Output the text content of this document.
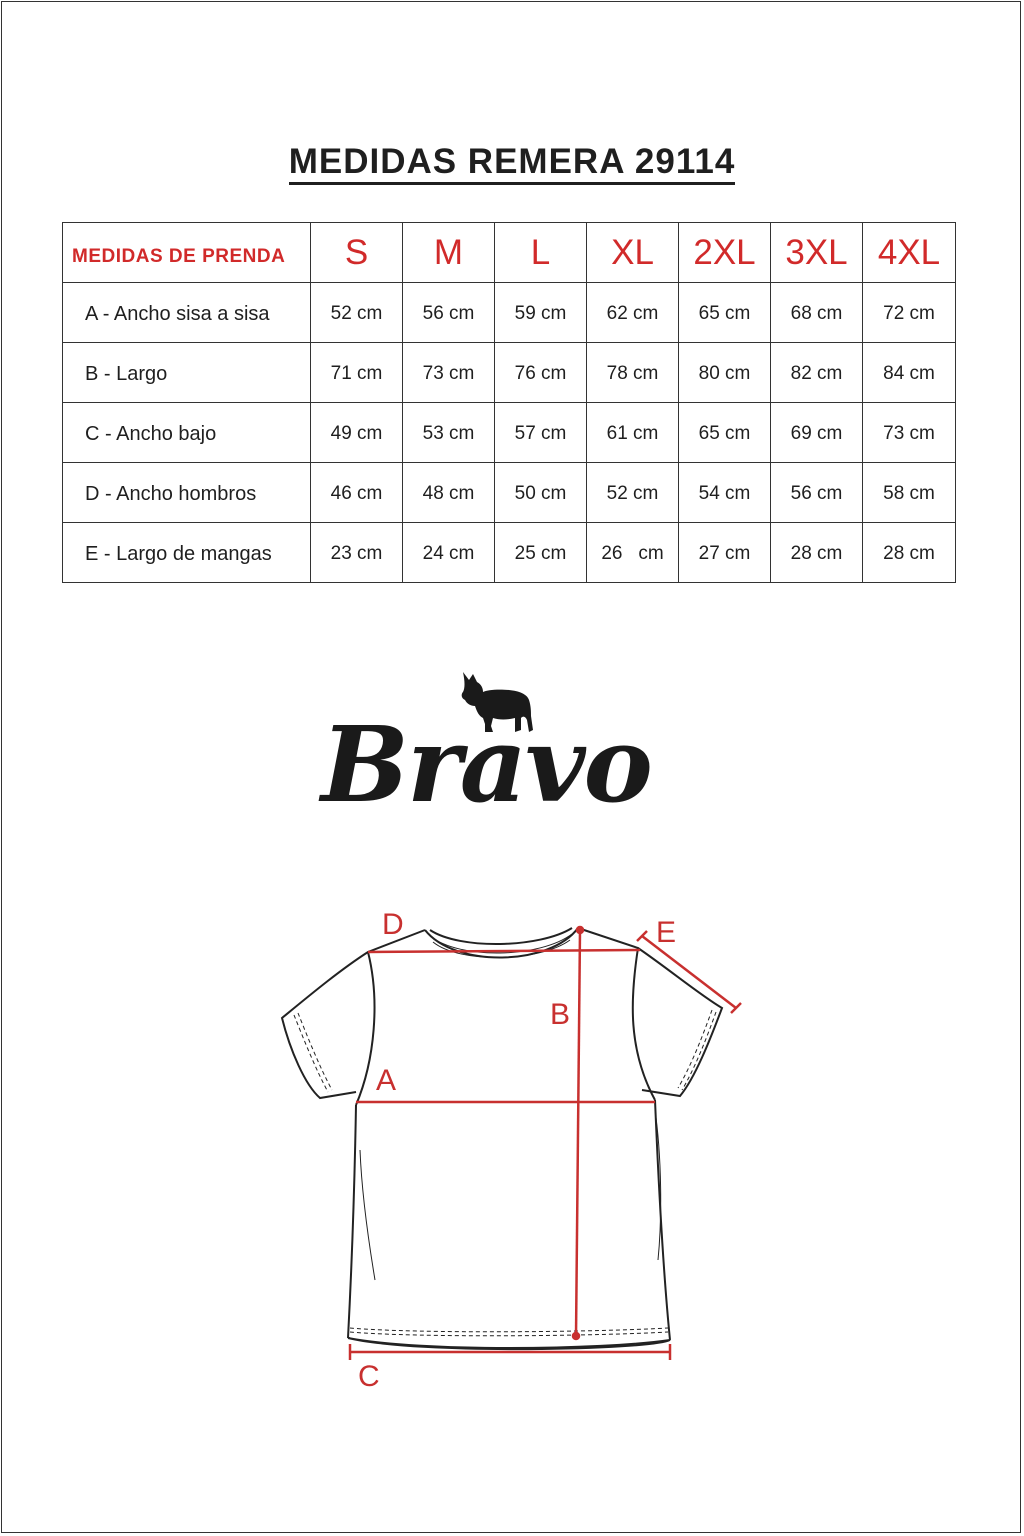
MEDIDAS REMERA 29114
MEDIDAS DE PRENDA	S	M	L	XL	2XL	3XL	4XL
A - Ancho sisa a sisa	52 cm	56 cm	59 cm	62 cm	65 cm	68 cm	72 cm
B - Largo	71 cm	73 cm	76 cm	78 cm	80 cm	82 cm	84 cm
C - Ancho bajo	49 cm	53 cm	57 cm	61 cm	65 cm	69 cm	73 cm
D - Ancho hombros	46 cm	48 cm	50 cm	52 cm	54 cm	56 cm	58 cm
E - Largo de mangas	23 cm	24 cm	25 cm	26   cm	27 cm	28 cm	28 cm
Bravo
D	E
B
A
C
